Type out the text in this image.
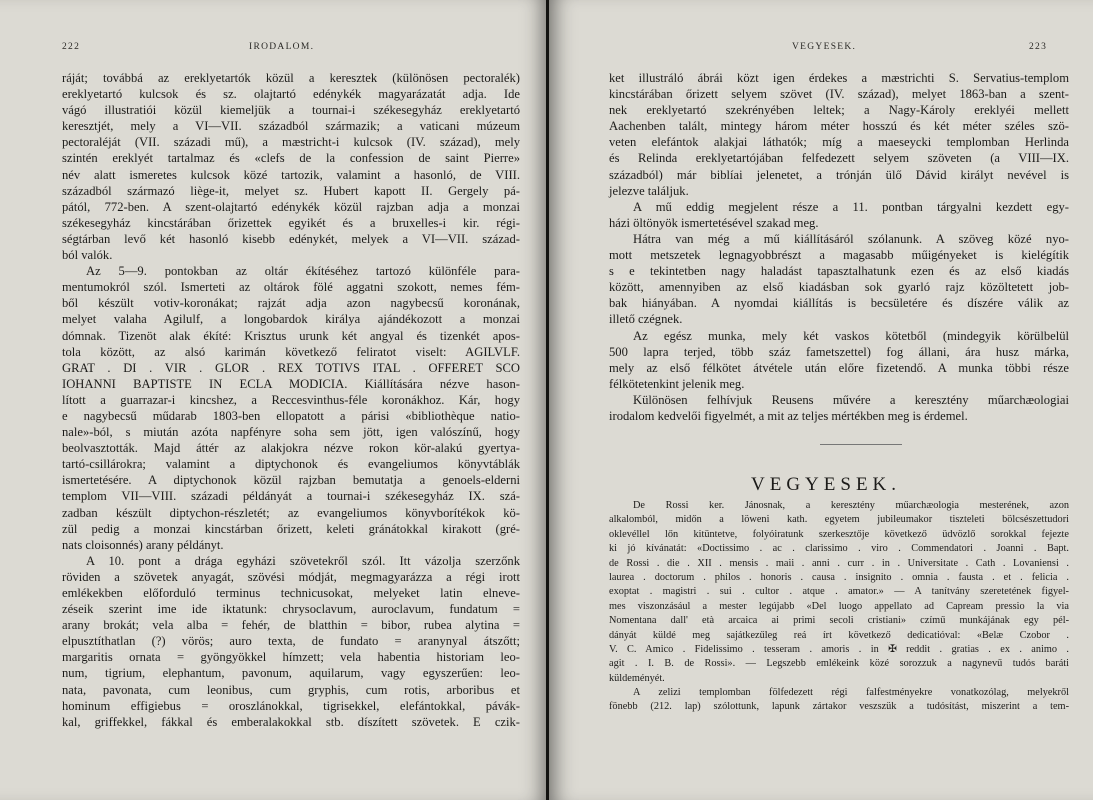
222	IRODALOM.
ráját; továbbá az ereklyetartók közül a keresztek (különösen pectoralék)
ereklyetartó kulcsok és sz. olajtartó edénykék magyarázatát adja. Ide
vágó illustratiói közül kiemeljük a tournai-i székesegyház ereklyetartó
keresztjét, mely a VI—VII. századból származik; a vaticani múzeum
pectoraléját (VII. századi mű), a mæstricht-i kulcsok (IV. század), mely
szintén ereklyét tartalmaz és «clefs de la confession de saint Pierre»
név alatt ismeretes kulcsok közé tartozik, valamint a hasonló, de VIII.
századból származó liège-it, melyet sz. Hubert kapott II. Gergely pá-
pától, 772-ben. A szent-olajtartó edénykék közül rajzban adja a monzai
székesegyház kincstárában őrizettek egyikét és a bruxelles-i kir. régi-
ségtárban levő két hasonló kisebb edénykét, melyek a VI—VII. század-
ból valók.
Az 5—9. pontokban az oltár ékítéséhez tartozó különféle para-
mentumokról szól. Ismerteti az oltárok fölé aggatni szokott, nemes fém-
ből készült votiv-koronákat; rajzát adja azon nagybecsű koronának,
melyet valaha Agilulf, a longobardok királya ajándékozott a monzai
dómnak. Tizenöt alak ékíté: Krisztus urunk két angyal és tizenkét apos-
tola között, az alsó karimán következő feliratot viselt: AGILVLF.
GRAT . DI . VIR . GLOR . REX TOTIVS ITAL . OFFERET SCO
IOHANNI BAPTISTE IN ECLA MODICIA. Kiállítására nézve hason-
lított a guarrazar-i kincshez, a Reccesvinthus-féle koronákhoz. Kár, hogy
e nagybecsű műdarab 1803-ben ellopatott a párisi «bibliothèque natio-
nale»-ból, s miután azóta napfényre soha sem jött, igen valószínű, hogy
beolvasztották. Majd áttér az alakjokra nézve rokon kör-alakú gyertya-
tartó-csillárokra; valamint a diptychonok és evangeliumos könyvtáblák
ismertetésére. A diptychonok közül rajzban bemutatja a genoels-elderni
templom VII—VIII. századi példányát a tournai-i székesegyház IX. szá-
zadban készült diptychon-részletét; az evangeliumos könyvborítékok kö-
zül pedig a monzai kincstárban őrizett, keleti gránátokkal kirakott (gré-
nats cloisonnés) arany példányt.
A 10. pont a drága egyházi szövetekről szól. Itt vázolja szerzőnk
röviden a szövetek anyagát, szövési módját, megmagyarázza a régi irott
emlékekben előforduló terminus technicusokat, melyeket latin elneve-
zéseik szerint ime ide iktatunk: chrysoclavum, auroclavum, fundatum =
arany brokát; vela alba = fehér, de blatthin = bibor, rubea alytina =
elpusztíthatlan (?) vörös; auro texta, de fundato = aranynyal átszőtt;
margaritis ornata = gyöngyökkel hímzett; vela habentia historiam leo-
num, tigrium, elephantum, pavonum, aquilarum, vagy egyszerűen: leo-
nata, pavonata, cum leonibus, cum gryphis, cum rotis, arboribus et
hominum effigiebus = oroszlánokkal, tigrisekkel, elefántokkal, pávák-
kal, griffekkel, fákkal és emberalakokkal stb. díszített szövetek. E czik-
VEGYESEK.	223
ket illustráló ábrái közt igen érdekes a mæstrichti S. Servatius-templom
kincstárában őrizett selyem szövet (IV. század), melyet 1863-ban a szent-
nek ereklyetartó szekrényében leltek; a Nagy-Károly ereklyéi mellett
Aachenben talált, mintegy három méter hosszú és két méter széles szö-
veten elefántok alakjai láthatók; míg a maeseycki templomban Herlinda
és Relinda ereklyetartójában felfedezett selyem szöveten (a VIII—IX.
századból) már biblíai jelenetet, a trónján ülő Dávid királyt nevével is
jelezve találjuk.
A mű eddig megjelent része a 11. pontban tárgyalni kezdett egy-
házi öltönyök ismertetésével szakad meg.
Hátra van még a mű kiállításáról szólanunk. A szöveg közé nyo-
mott metszetek legnagyobbrészt a magasabb műigényeket is kielégítik
s e tekintetben nagy haladást tapasztalhatunk ezen és az első kiadás
között, amennyiben az első kiadásban sok gyarló rajz közöltetett job-
bak hiányában. A nyomdai kiállítás is becsületére és díszére válik az
illető czégnek.
Az egész munka, mely két vaskos kötetből (mindegyik körülbelül
500 lapra terjed, több száz fametszettel) fog állani, ára husz márka,
mely az első félkötet átvétele után előre fizetendő. A munka többi része
félkötetenkint jelenik meg.
Különösen felhívjuk Reusens művére a keresztény műarchæologiai
irodalom kedvelői figyelmét, a mit az teljes mértékben meg is érdemel.
VEGYESEK.
De Rossi ker. Jánosnak, a keresztény műarchæologia mesterének, azon
alkalomból, midőn a löweni kath. egyetem jubileumakor tiszteleti bölcsészettudori
oklevéllel lőn kitüntetve, folyóiratunk szerkesztője következő üdvözlő sorokkal fejezte
ki jó kívánatát: «Doctissimo . ac . clarissimo . viro . Commendatori . Joanni . Bapt.
de Rossi . die . XII . mensis . maii . anni . curr . in . Universitate . Cath . Lovaniensi .
laurea . doctorum . philos . honoris . causa . insignito . omnia . fausta . et . felicia .
exoptat . magistri . sui . cultor . atque . amator.» — A tanítvány szeretetének figyel-
mes viszonzásául a mester legújabb «Del luogo appellato ad Capream pressio la via
Nomentana dall' età arcaica ai primi secoli cristiani» czímű munkájának egy pél-
dányát küldé meg sajátkezűleg reá írt következő dedicatióval: «Belæ Czobor .
V. C. Amico . Fidelissimo . tesseram . amoris . in ✠ reddit . gratias . ex . animo .
agit . I. B. de Rossi». — Legszebb emlékeink közé sorozzuk a nagynevű tudós baráti
küldeményét.
A zelizi templomban fölfedezett régi falfestményekre vonatkozólag, melyekről
fönebb (212. lap) szólottunk, lapunk zártakor veszszük a tudósítást, miszerint a tem-
